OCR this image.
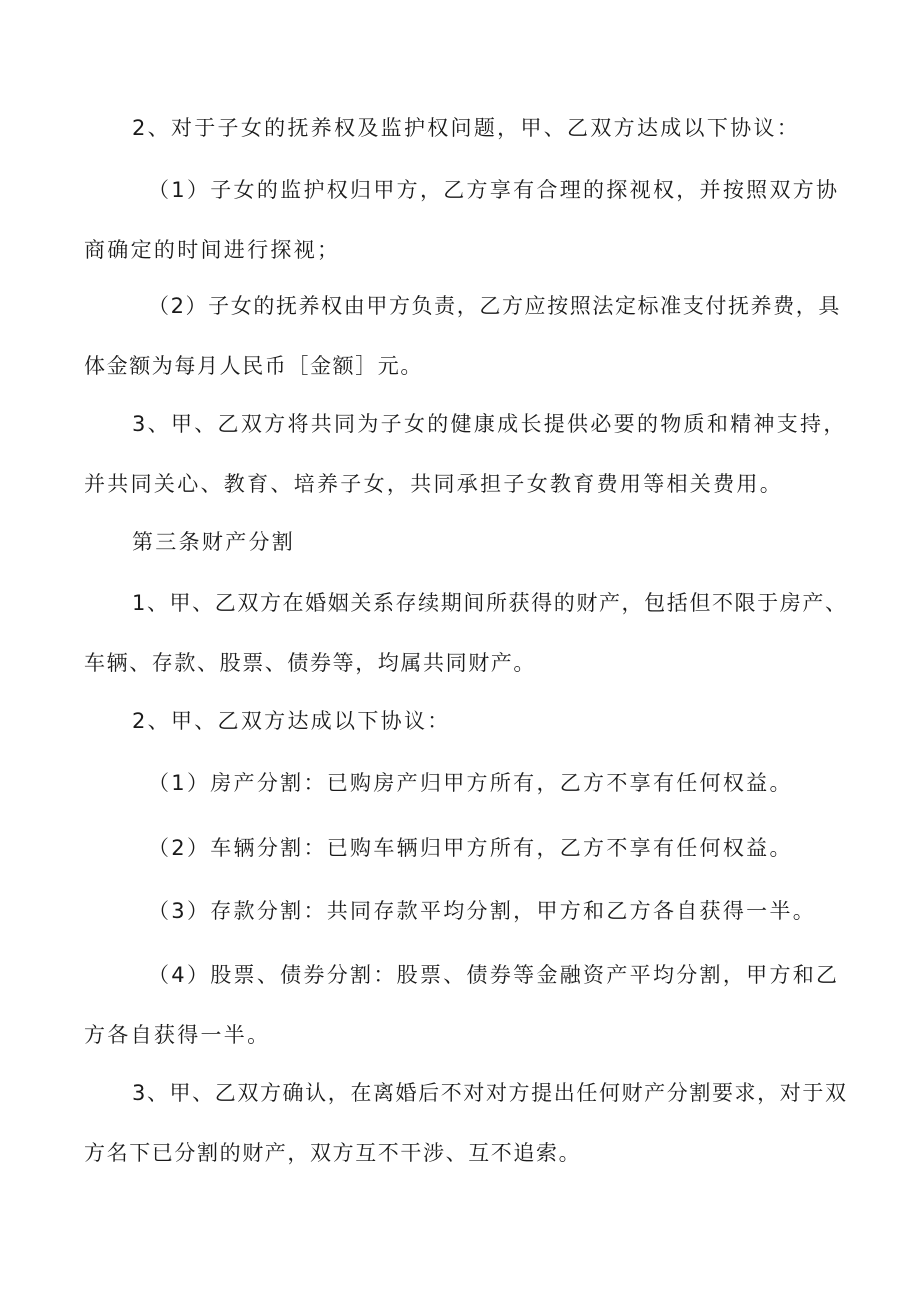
2、对于子女的抚养权及监护权问题，甲、乙双方达成以下协议：

（1）子女的监护权归甲方，乙方享有合理的探视权，并按照双方协商确定的时间进行探视；

（2）子女的抚养权由甲方负责，乙方应按照法定标准支付抚养费，具体金额为每月人民币［金额］元。

3、甲、乙双方将共同为子女的健康成长提供必要的物质和精神支持，并共同关心、教育、培养子女，共同承担子女教育费用等相关费用。

第三条财产分割

1、甲、乙双方在婚姻关系存续期间所获得的财产，包括但不限于房产、车辆、存款、股票、债券等，均属共同财产。

2、甲、乙双方达成以下协议：

（1）房产分割：已购房产归甲方所有，乙方不享有任何权益。

（2）车辆分割：已购车辆归甲方所有，乙方不享有任何权益。

（3）存款分割：共同存款平均分割，甲方和乙方各自获得一半。

（4）股票、债券分割：股票、债券等金融资产平均分割，甲方和乙方各自获得一半。

3、甲、乙双方确认，在离婚后不对对方提出任何财产分割要求，对于双方名下已分割的财产，双方互不干涉、互不追索。
